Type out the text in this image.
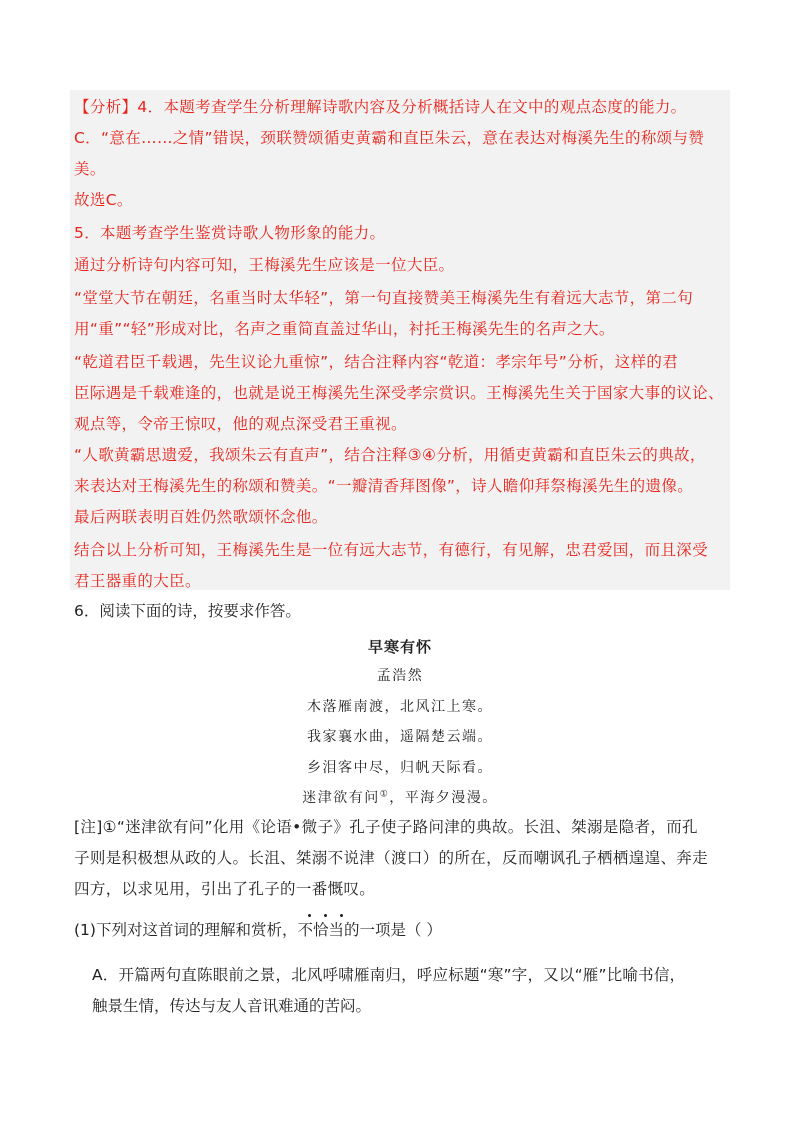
【分析】4．本题考查学生分析理解诗歌内容及分析概括诗人在文中的观点态度的能力。
C．“意在……之情”错误，颈联赞颂循吏黄霸和直臣朱云，意在表达对梅溪先生的称颂与赞
美。
故选C。
5．本题考查学生鉴赏诗歌人物形象的能力。
通过分析诗句内容可知，王梅溪先生应该是一位大臣。
“堂堂大节在朝廷，名重当时太华轻”，第一句直接赞美王梅溪先生有着远大志节，第二句
用“重”“轻”形成对比，名声之重简直盖过华山，衬托王梅溪先生的名声之大。
“乾道君臣千载遇，先生议论九重惊”，结合注释内容“乾道：孝宗年号”分析，这样的君
臣际遇是千载难逢的，也就是说王梅溪先生深受孝宗赏识。王梅溪先生关于国家大事的议论、
观点等，令帝王惊叹，他的观点深受君王重视。
“人歌黄霸思遗爱，我颂朱云有直声”，结合注释③④分析，用循吏黄霸和直臣朱云的典故，
来表达对王梅溪先生的称颂和赞美。“一瓣清香拜图像”，诗人瞻仰拜祭梅溪先生的遗像。
最后两联表明百姓仍然歌颂怀念他。
结合以上分析可知，王梅溪先生是一位有远大志节，有德行，有见解，忠君爱国，而且深受
君王器重的大臣。
6．阅读下面的诗，按要求作答。
早寒有怀
孟浩然
木落雁南渡，北风江上寒。
我家襄水曲，遥隔楚云端。
乡泪客中尽，归帆天际看。
迷津欲有问①，平海夕漫漫。
[注]①“迷津欲有问”化用《论语•微子》孔子使子路问津的典故。长沮、桀溺是隐者，而孔
子则是积极想从政的人。长沮、桀溺不说津（渡口）的所在，反而嘲讽孔子栖栖遑遑、奔走
四方，以求见用，引出了孔子的一番慨叹。
(1)下列对这首词的理解和赏析，不恰当的一项是（ ）
A．开篇两句直陈眼前之景，北风呼啸雁南归，呼应标题“寒”字，又以“雁”比喻书信，
触景生情，传达与友人音讯难通的苦闷。
